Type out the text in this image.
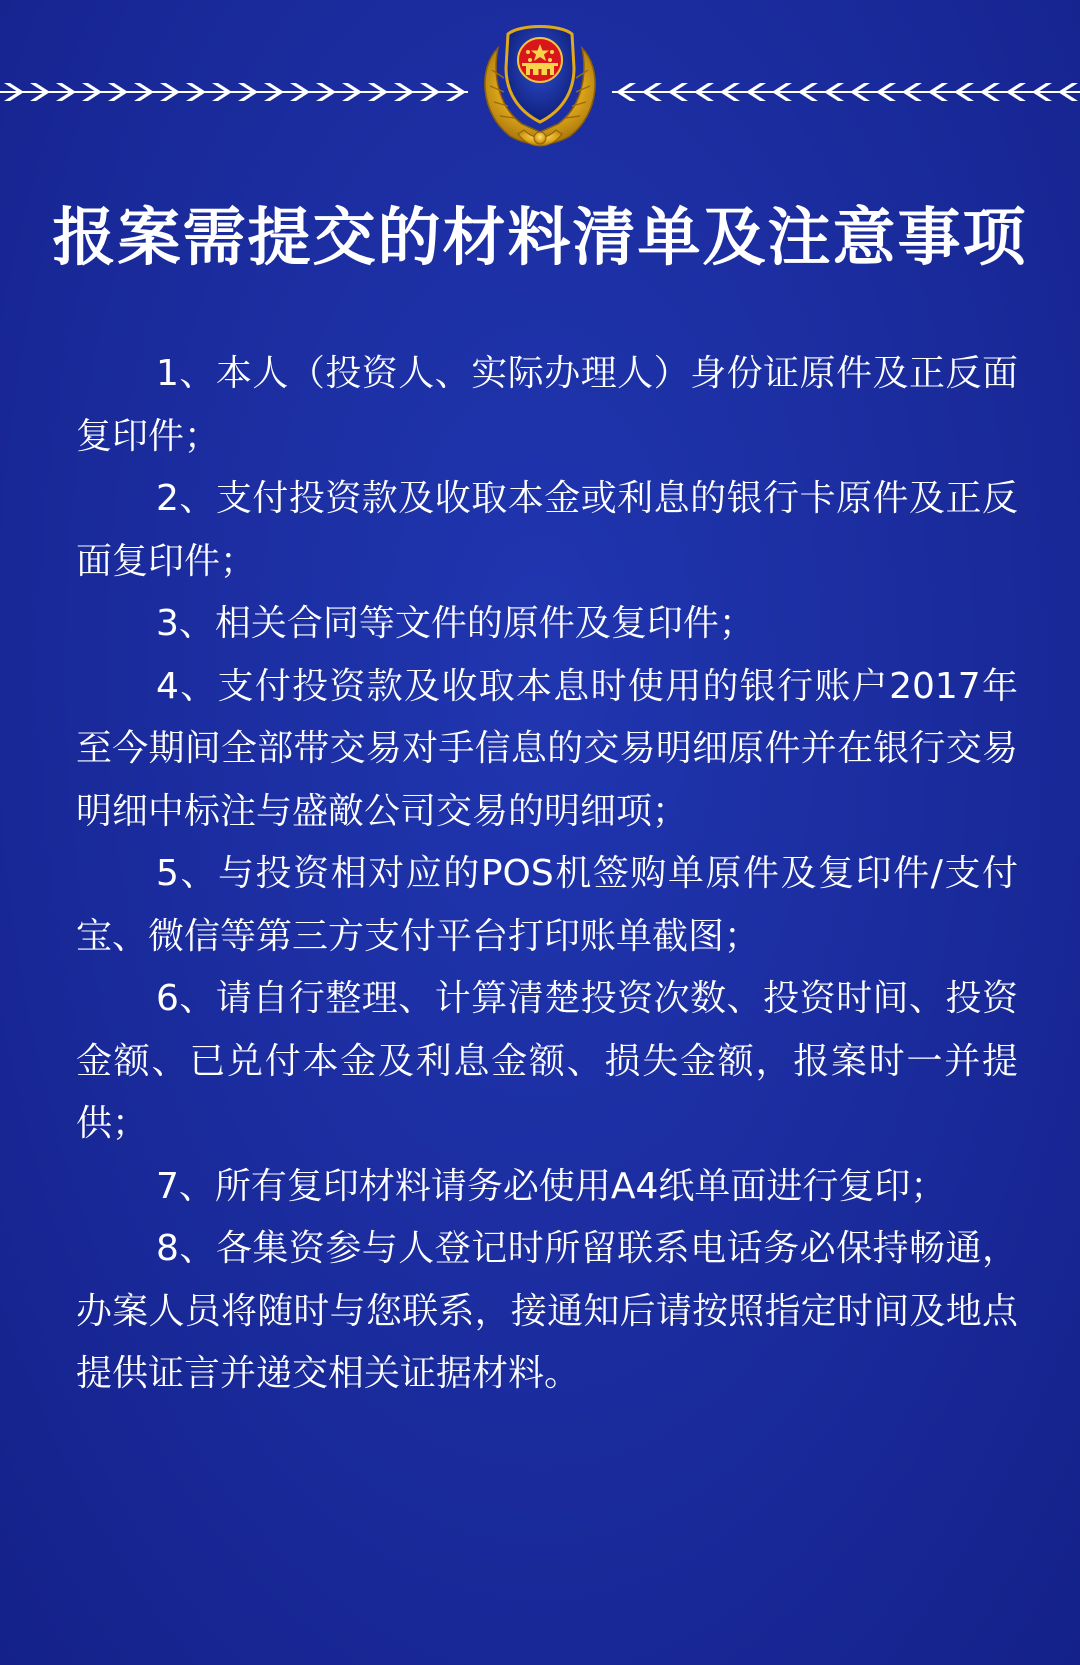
报案需提交的材料清单及注意事项

1、本人（投资人、实际办理人）身份证原件及正反面复印件；

2、支付投资款及收取本金或利息的银行卡原件及正反面复印件；

3、相关合同等文件的原件及复印件；

4、支付投资款及收取本息时使用的银行账户2017年至今期间全部带交易对手信息的交易明细原件并在银行交易明细中标注与盛敵公司交易的明细项；

5、与投资相对应的POS机签购单原件及复印件/支付宝、微信等第三方支付平台打印账单截图；

6、请自行整理、计算清楚投资次数、投资时间、投资金额、已兑付本金及利息金额、损失金额，报案时一并提供；

7、所有复印材料请务必使用A4纸单面进行复印；

8、各集资参与人登记时所留联系电话务必保持畅通，办案人员将随时与您联系，接通知后请按照指定时间及地点提供证言并递交相关证据材料。
